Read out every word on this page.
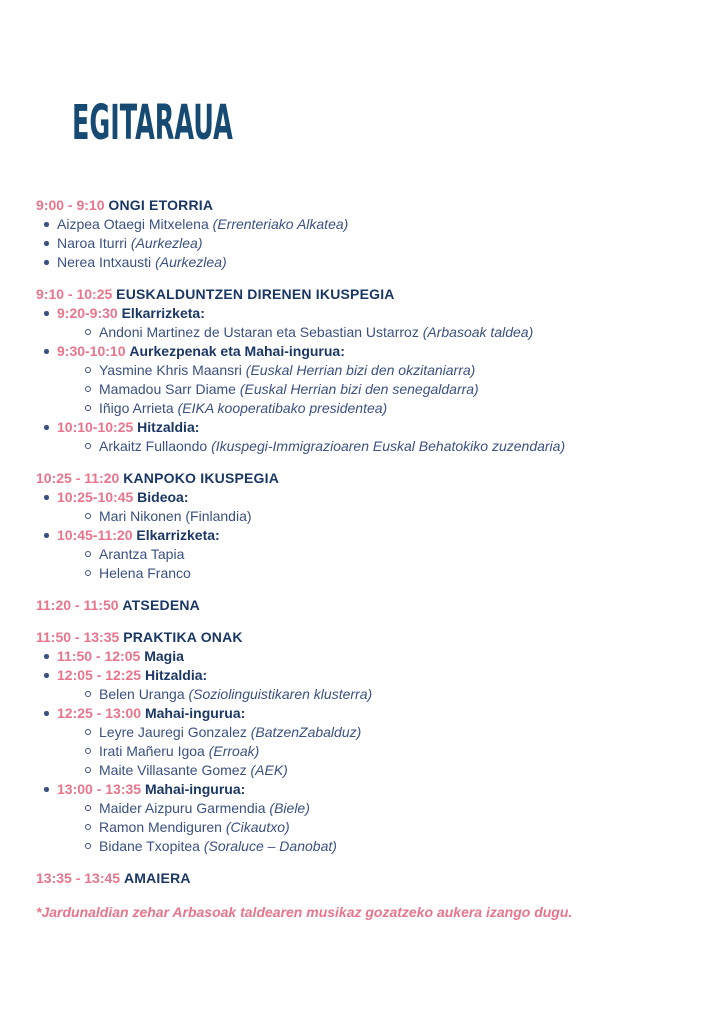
EGITARAUA
9:00 - 9:10 ONGI ETORRIA
Aizpea Otaegi Mitxelena (Errenteriako Alkatea)
Naroa Iturri (Aurkezlea)
Nerea Intxausti (Aurkezlea)
9:10 - 10:25 EUSKALDUNTZEN DIRENEN IKUSPEGIA
9:20-9:30 Elkarrizketa:
Andoni Martinez de Ustaran eta Sebastian Ustarroz (Arbasoak taldea)
9:30-10:10 Aurkezpenak eta Mahai-ingurua:
Yasmine Khris Maansri (Euskal Herrian bizi den okzitaniarra)
Mamadou Sarr Diame (Euskal Herrian bizi den senegaldarra)
Iñigo Arrieta (EIKA kooperatibako presidentea)
10:10-10:25 Hitzaldia:
Arkaitz Fullaondo (Ikuspegi-Immigrazioaren Euskal Behatokiko zuzendaria)
10:25 - 11:20 KANPOKO IKUSPEGIA
10:25-10:45 Bideoa:
Mari Nikonen (Finlandia)
10:45-11:20 Elkarrizketa:
Arantza Tapia
Helena Franco
11:20 - 11:50 ATSEDENA
11:50 - 13:35 PRAKTIKA ONAK
11:50 - 12:05 Magia
12:05 - 12:25 Hitzaldia:
Belen Uranga (Soziolinguistikaren klusterra)
12:25 - 13:00 Mahai-ingurua:
Leyre Jauregi Gonzalez (BatzenZabalduz)
Irati Mañeru Igoa (Erroak)
Maite Villasante Gomez (AEK)
13:00 - 13:35 Mahai-ingurua:
Maider Aizpuru Garmendia (Biele)
Ramon Mendiguren (Cikautxo)
Bidane Txopitea (Soraluce – Danobat)
13:35 - 13:45 AMAIERA

*Jardunaldian zehar Arbasoak taldearen musikaz gozatzeko aukera izango dugu.
